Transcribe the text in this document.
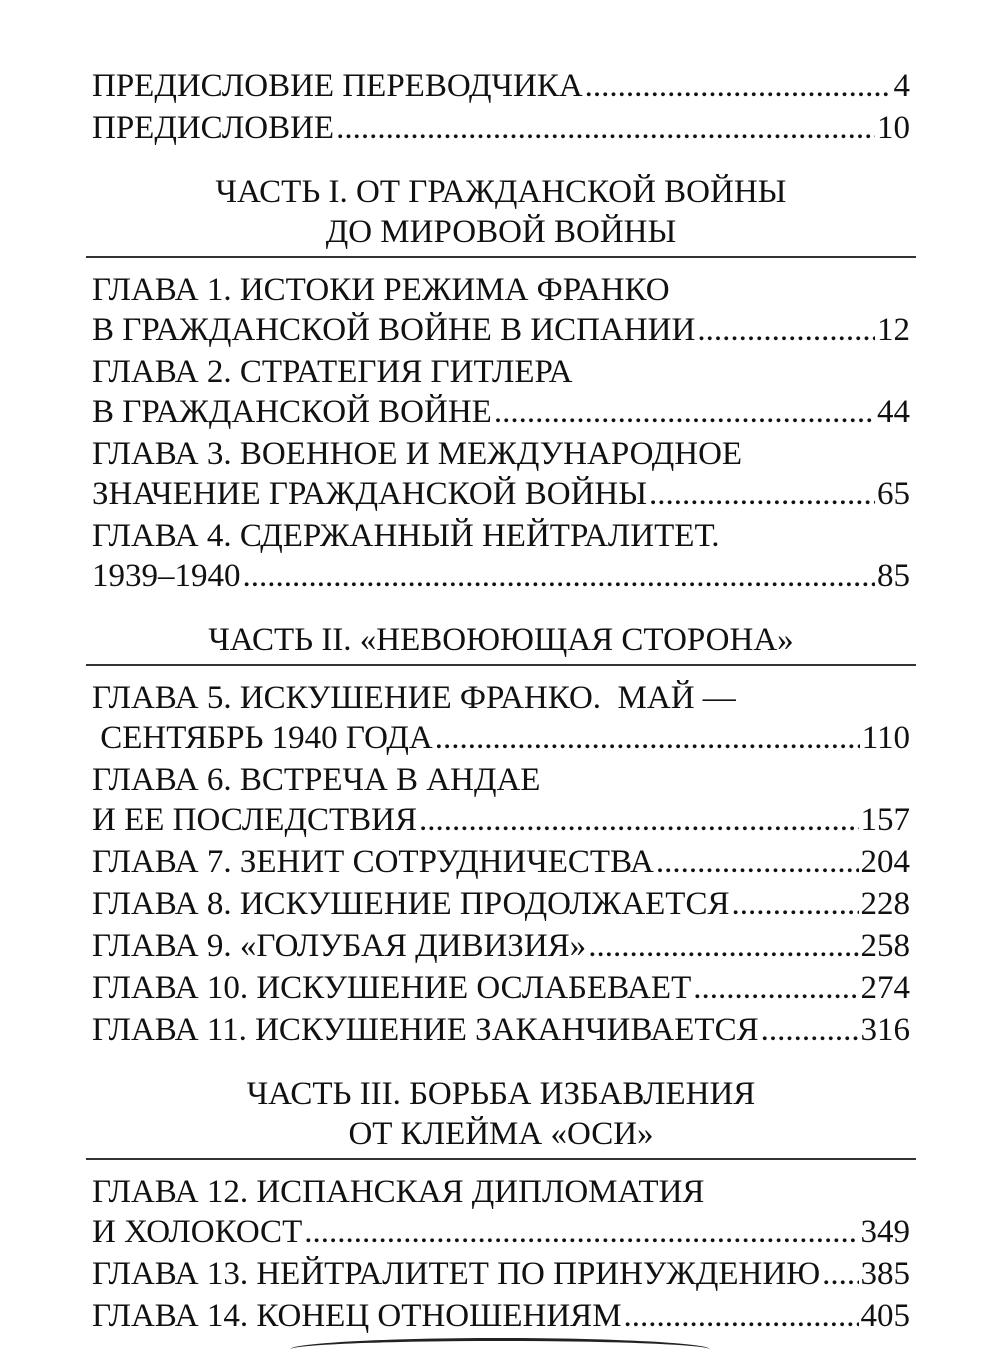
ПРЕДИСЛОВИЕ ПЕРЕВОДЧИКА .....	4
ПРЕДИСЛОВИЕ .....	10
ЧАСТЬ I. ОТ ГРАЖДАНСКОЙ ВОЙНЫ
ДО МИРОВОЙ ВОЙНЫ
ГЛАВА 1. ИСТОКИ РЕЖИМА ФРАНКО
В ГРАЖДАНСКОЙ ВОЙНЕ В ИСПАНИИ .....	12
ГЛАВА 2. СТРАТЕГИЯ ГИТЛЕРА
В ГРАЖДАНСКОЙ ВОЙНЕ .....	44
ГЛАВА 3. ВОЕННОЕ И МЕЖДУНАРОДНОЕ
ЗНАЧЕНИЕ ГРАЖДАНСКОЙ ВОЙНЫ .....	65
ГЛАВА 4. СДЕРЖАННЫЙ НЕЙТРАЛИТЕТ.
1939–1940 .....	85
ЧАСТЬ II. «НЕВОЮЮЩАЯ СТОРОНА»
ГЛАВА 5. ИСКУШЕНИЕ ФРАНКО.  МАЙ —
СЕНТЯБРЬ 1940 ГОДА .....	110
ГЛАВА 6. ВСТРЕЧА В АНДАЕ
И ЕЕ ПОСЛЕДСТВИЯ .....	157
ГЛАВА 7. ЗЕНИТ СОТРУДНИЧЕСТВА .....	204
ГЛАВА 8. ИСКУШЕНИЕ ПРОДОЛЖАЕТСЯ .....	228
ГЛАВА 9. «ГОЛУБАЯ ДИВИЗИЯ» .....	258
ГЛАВА 10. ИСКУШЕНИЕ ОСЛАБЕВАЕТ .....	274
ГЛАВА 11. ИСКУШЕНИЕ ЗАКАНЧИВАЕТСЯ .....	316
ЧАСТЬ III. БОРЬБА ИЗБАВЛЕНИЯ
ОТ КЛЕЙМА «ОСИ»
ГЛАВА 12. ИСПАНСКАЯ ДИПЛОМАТИЯ
И ХОЛОКОСТ .....	349
ГЛАВА 13. НЕЙТРАЛИТЕТ ПО ПРИНУЖДЕНИЮ ..... 385
ГЛАВА 14. КОНЕЦ ОТНОШЕНИЯМ .....	405
